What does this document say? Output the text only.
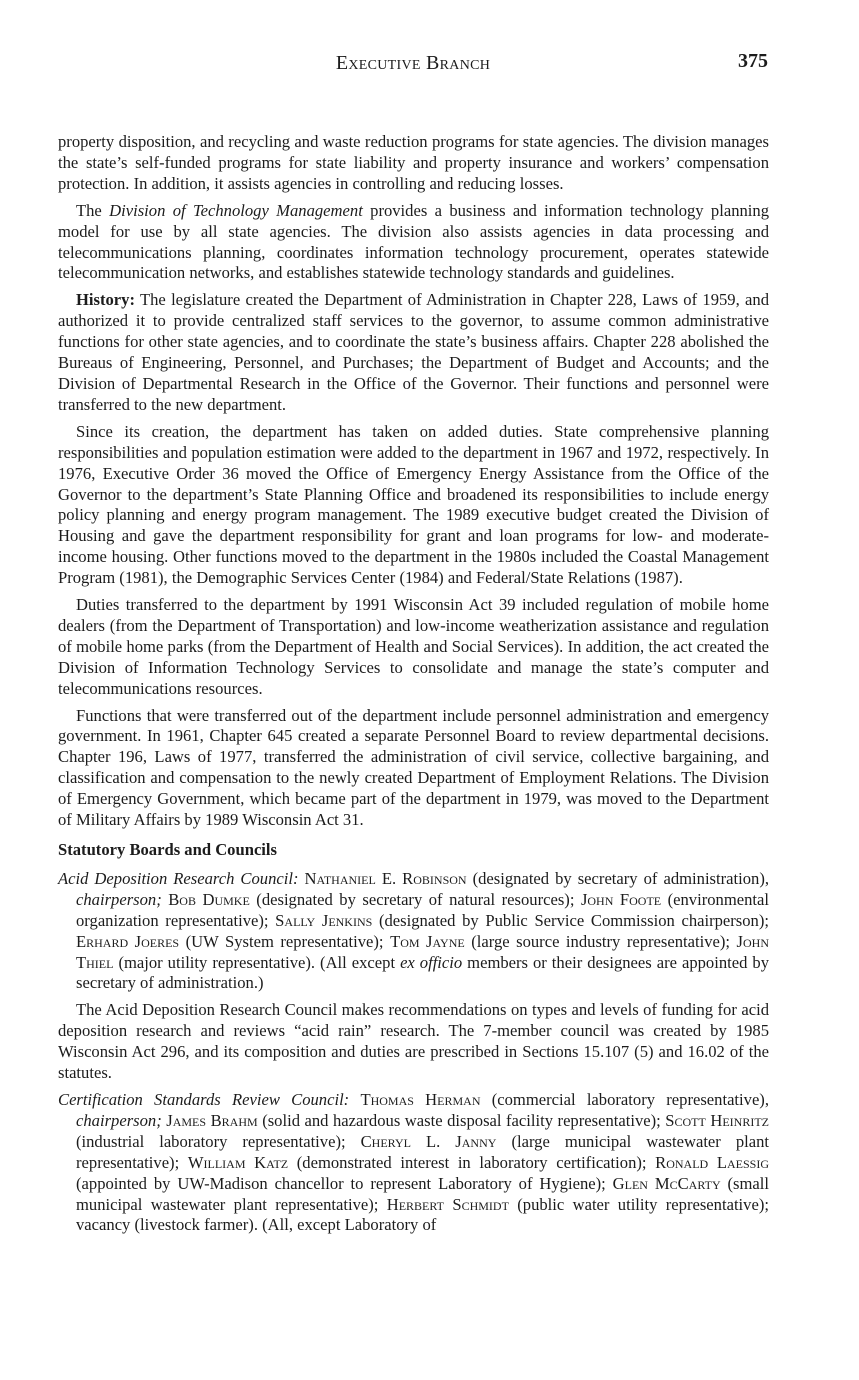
Executive Branch	375

property disposition, and recycling and waste reduction programs for state agencies. The division manages the state’s self-funded programs for state liability and property insurance and workers’ compensation protection. In addition, it assists agencies in controlling and reducing losses.

The Division of Technology Management provides a business and information technology planning model for use by all state agencies. The division also assists agencies in data processing and telecommunications planning, coordinates information technology procurement, operates statewide telecommunication networks, and establishes statewide technology standards and guidelines.

History: The legislature created the Department of Administration in Chapter 228, Laws of 1959, and authorized it to provide centralized staff services to the governor, to assume common administrative functions for other state agencies, and to coordinate the state’s business affairs. Chapter 228 abolished the Bureaus of Engineering, Personnel, and Purchases; the Department of Budget and Accounts; and the Division of Departmental Research in the Office of the Governor. Their functions and personnel were transferred to the new department.

Since its creation, the department has taken on added duties. State comprehensive planning responsibilities and population estimation were added to the department in 1967 and 1972, respectively. In 1976, Executive Order 36 moved the Office of Emergency Energy Assistance from the Office of the Governor to the department’s State Planning Office and broadened its responsibilities to include energy policy planning and energy program management. The 1989 executive budget created the Division of Housing and gave the department responsibility for grant and loan programs for low- and moderate-income housing. Other functions moved to the department in the 1980s included the Coastal Management Program (1981), the Demographic Services Center (1984) and Federal/State Relations (1987).

Duties transferred to the department by 1991 Wisconsin Act 39 included regulation of mobile home dealers (from the Department of Transportation) and low-income weatherization assistance and regulation of mobile home parks (from the Department of Health and Social Services). In addition, the act created the Division of Information Technology Services to consolidate and manage the state’s computer and telecommunications resources.

Functions that were transferred out of the department include personnel administration and emergency government. In 1961, Chapter 645 created a separate Personnel Board to review departmental decisions. Chapter 196, Laws of 1977, transferred the administration of civil service, collective bargaining, and classification and compensation to the newly created Department of Employment Relations. The Division of Emergency Government, which became part of the department in 1979, was moved to the Department of Military Affairs by 1989 Wisconsin Act 31.

Statutory Boards and Councils

Acid Deposition Research Council: Nathaniel E. Robinson (designated by secretary of administration), chairperson; Bob Dumke (designated by secretary of natural resources); John Foote (environmental organization representative); Sally Jenkins (designated by Public Service Commission chairperson); Erhard Joeres (UW System representative); Tom Jayne (large source industry representative); John Thiel (major utility representative). (All except ex officio members or their designees are appointed by secretary of administration.)

The Acid Deposition Research Council makes recommendations on types and levels of funding for acid deposition research and reviews “acid rain” research. The 7-member council was created by 1985 Wisconsin Act 296, and its composition and duties are prescribed in Sections 15.107 (5) and 16.02 of the statutes.

Certification Standards Review Council: Thomas Herman (commercial laboratory representative), chairperson; James Brahm (solid and hazardous waste disposal facility representative); Scott Heinritz (industrial laboratory representative); Cheryl L. Janny (large municipal wastewater plant representative); William Katz (demonstrated interest in laboratory certification); Ronald Laessig (appointed by UW-Madison chancellor to represent Laboratory of Hygiene); Glen McCarty (small municipal wastewater plant representative); Herbert Schmidt (public water utility representative); vacancy (livestock farmer). (All, except Laboratory of
